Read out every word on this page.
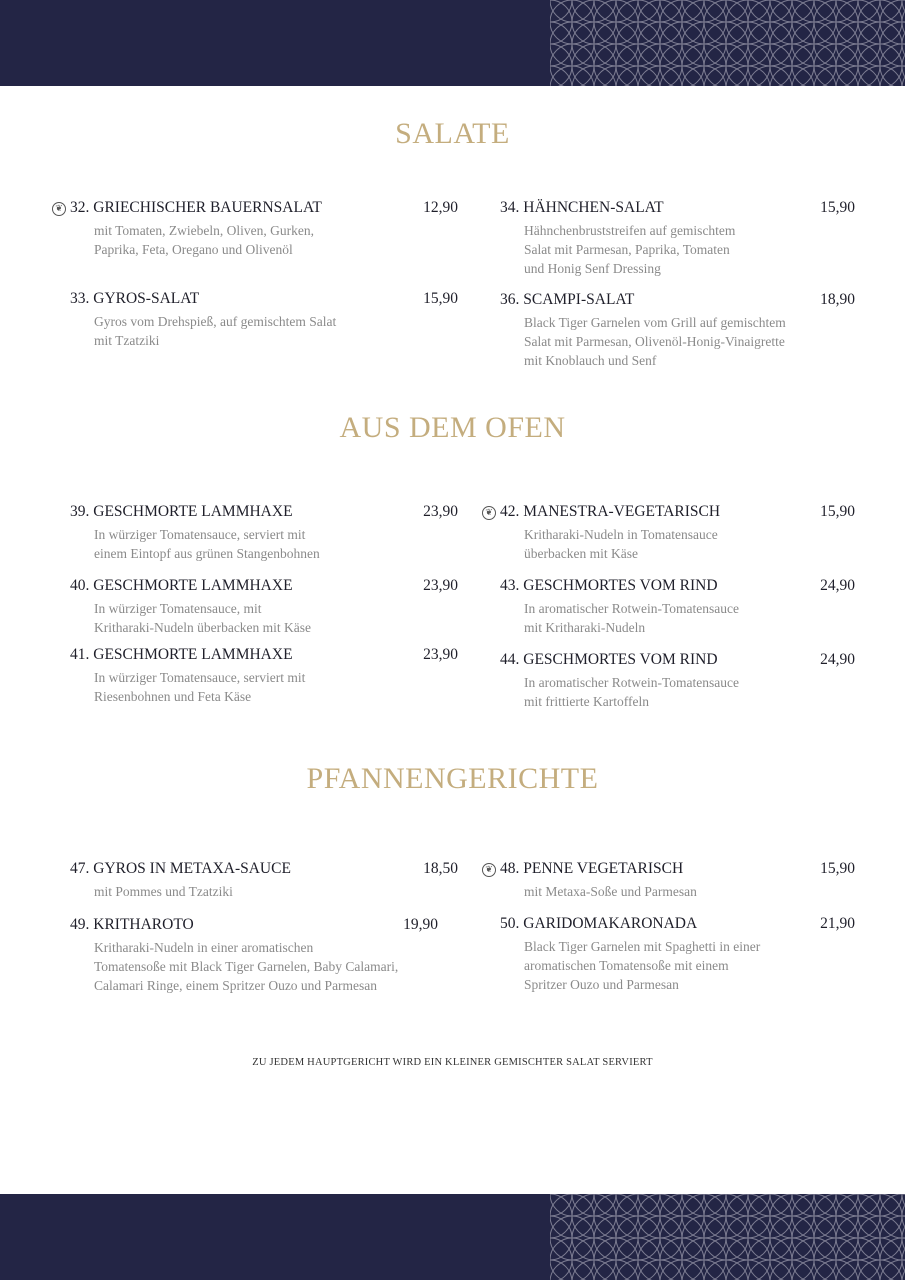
SALATE
❦ 32. GRIECHISCHER BAUERNSALAT	12,90
mit Tomaten, Zwiebeln, Oliven, Gurken,
Paprika, Feta, Oregano und Olivenöl
33. GYROS-SALAT	15,90
Gyros vom Drehspieß, auf gemischtem Salat
mit Tzatziki
34. HÄHNCHEN-SALAT	15,90
Hähnchenbruststreifen auf gemischtem
Salat mit Parmesan, Paprika, Tomaten
und Honig Senf Dressing
36. SCAMPI-SALAT	18,90
Black Tiger Garnelen vom Grill auf gemischtem
Salat mit Parmesan, Olivenöl-Honig-Vinaigrette
mit Knoblauch und Senf
AUS DEM OFEN
39. GESCHMORTE LAMMHAXE	23,90
In würziger Tomatensauce, serviert mit
einem Eintopf aus grünen Stangenbohnen
40. GESCHMORTE LAMMHAXE	23,90
In würziger Tomatensauce, mit
Kritharaki-Nudeln überbacken mit Käse
41. GESCHMORTE LAMMHAXE	23,90
In würziger Tomatensauce, serviert mit
Riesenbohnen und Feta Käse
❦ 42. MANESTRA-VEGETARISCH	15,90
Kritharaki-Nudeln in Tomatensauce
überbacken mit Käse
43. GESCHMORTES VOM RIND	24,90
In aromatischer Rotwein-Tomatensauce
mit Kritharaki-Nudeln
44. GESCHMORTES VOM RIND	24,90
In aromatischer Rotwein-Tomatensauce
mit frittierte Kartoffeln
PFANNENGERICHTE
47. GYROS IN METAXA-SAUCE	18,50
mit Pommes und Tzatziki
49. KRITHAROTO	19,90
Kritharaki-Nudeln in einer aromatischen
Tomatensoße mit Black Tiger Garnelen, Baby Calamari,
Calamari Ringe, einem Spritzer Ouzo und Parmesan
❦ 48. PENNE VEGETARISCH	15,90
mit Metaxa-Soße und Parmesan
50. GARIDOMAKARONADA	21,90
Black Tiger Garnelen mit Spaghetti in einer
aromatischen Tomatensoße mit einem
Spritzer Ouzo und Parmesan
ZU JEDEM HAUPTGERICHT WIRD EIN KLEINER GEMISCHTER SALAT SERVIERT
